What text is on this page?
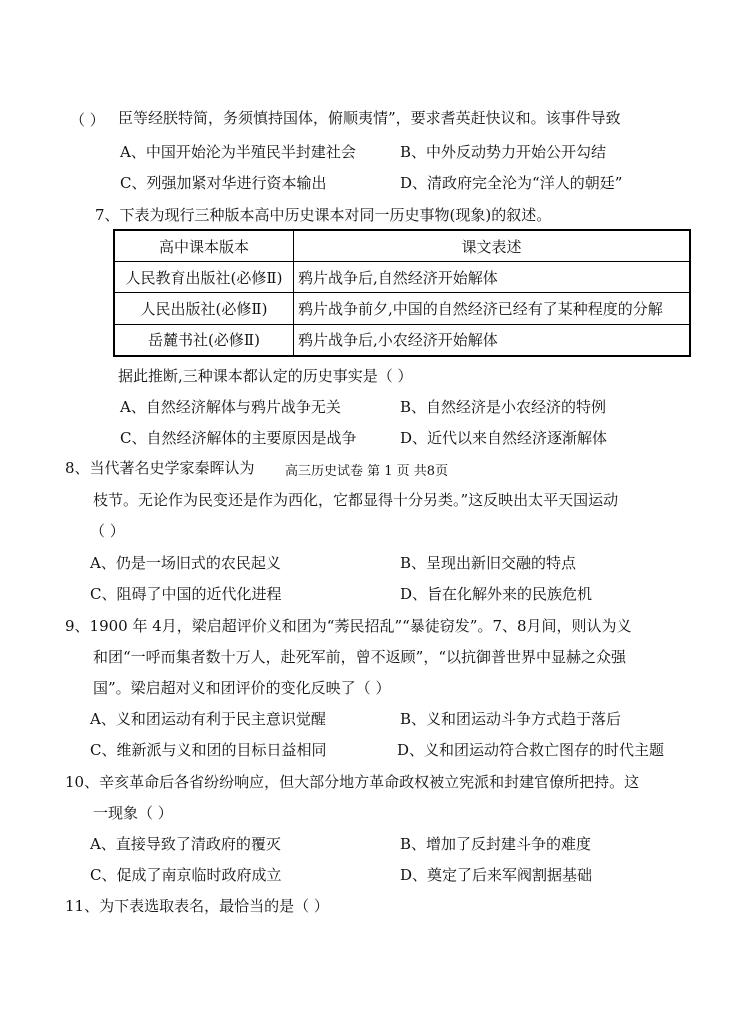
臣等经朕特简，务须慎持国体，俯顺夷情”，要求耆英赶快议和。该事件导致
（ ）
A、中国开始沦为半殖民半封建社会	B、中外反动势力开始公开勾结
C、列强加紧对华进行资本输出	D、清政府完全沦为“洋人的朝廷”
7、下表为现行三种版本高中历史课本对同一历史事物(现象)的叙述。
高中课本版本	课文表述
人民教育出版社(必修Ⅱ)	鸦片战争后,自然经济开始解体
人民出版社(必修Ⅱ)	鸦片战争前夕,中国的自然经济已经有了某种程度的分解
岳麓书社(必修Ⅱ)	鸦片战争后,小农经济开始解体
据此推断,三种课本都认定的历史事实是（ ）
A、自然经济解体与鸦片战争无关	B、自然经济是小农经济的特例
C、自然经济解体的主要原因是战争	D、近代以来自然经济逐渐解体
8、当代著名史学家秦晖认为 高三历史试卷 第 1 页 共8页
枝节。无论作为民变还是作为西化，它都显得十分另类。”这反映出太平天国运动
（ ）
A、仍是一场旧式的农民起义	B、呈现出新旧交融的特点
C、阻碍了中国的近代化进程	D、旨在化解外来的民族危机
9、1900 年 4月，梁启超评价义和团为“莠民招乱”“暴徒窃发”。7、8月间，则认为义
和团“一呼而集者数十万人，赴死军前，曾不返顾”，“以抗御普世界中显赫之众强
国”。梁启超对义和团评价的变化反映了（ ）
A、义和团运动有利于民主意识觉醒	B、义和团运动斗争方式趋于落后
C、维新派与义和团的目标日益相同	D、义和团运动符合救亡图存的时代主题
10、辛亥革命后各省纷纷响应，但大部分地方革命政权被立宪派和封建官僚所把持。这
一现象（ ）
A、直接导致了清政府的覆灭	B、增加了反封建斗争的难度
C、促成了南京临时政府成立	D、奠定了后来军阀割据基础
11、为下表选取表名，最恰当的是（ ）
